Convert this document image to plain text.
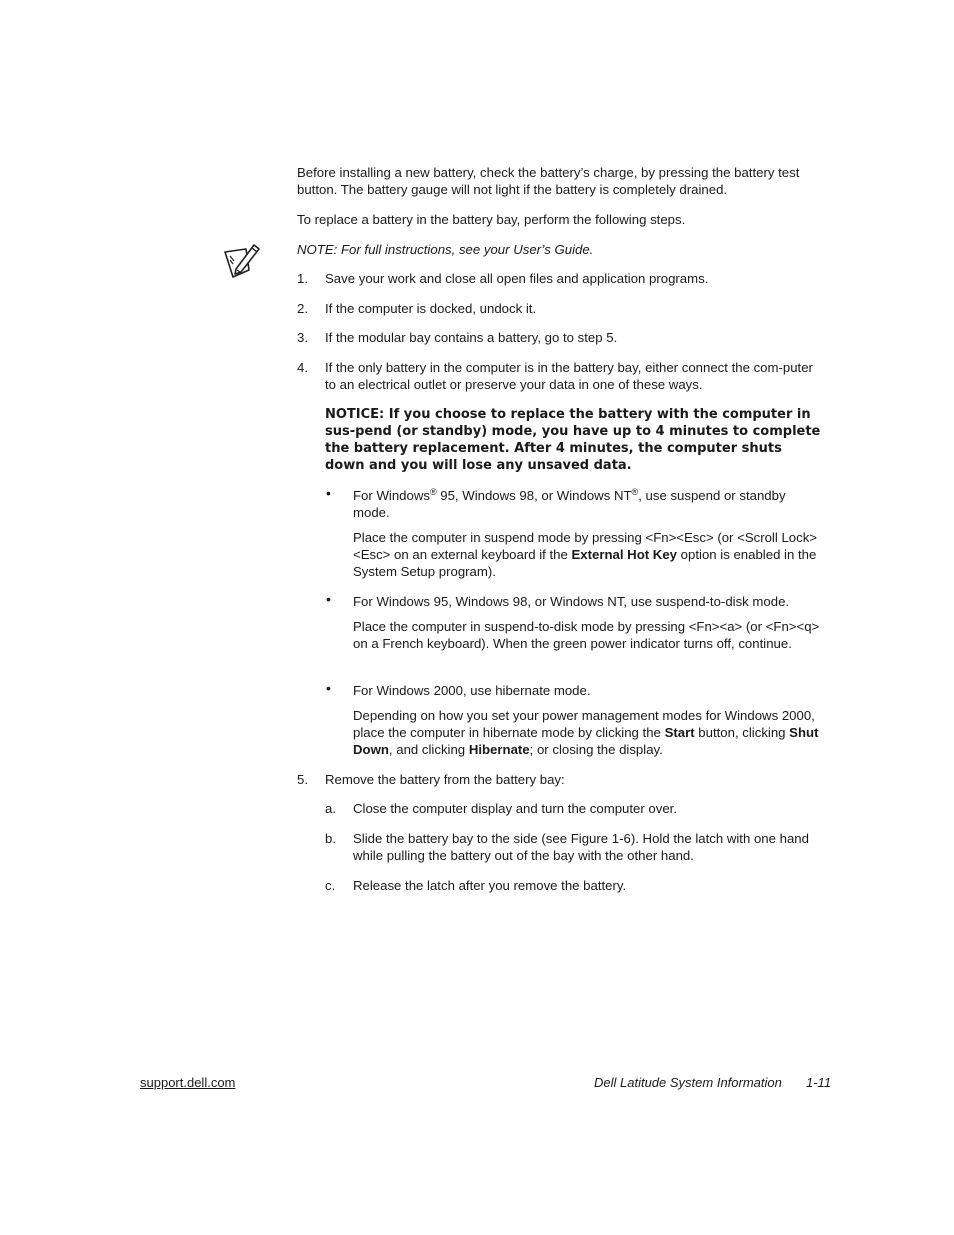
Before installing a new battery, check the battery’s charge, by pressing the battery test button. The battery gauge will not light if the battery is completely drained.

To replace a battery in the battery bay, perform the following steps.

NOTE: For full instructions, see your User’s Guide.

1. Save your work and close all open files and application programs.

2. If the computer is docked, undock it.

3. If the modular bay contains a battery, go to step 5.

4. If the only battery in the computer is in the battery bay, either connect the com-puter to an electrical outlet or preserve your data in one of these ways.

NOTICE: If you choose to replace the battery with the computer in sus-pend (or standby) mode, you have up to 4 minutes to complete the battery replacement. After 4 minutes, the computer shuts down and you will lose any unsaved data.

• For Windows® 95, Windows 98, or Windows NT®, use suspend or standby mode.

Place the computer in suspend mode by pressing <Fn><Esc> (or <Scroll Lock><Esc> on an external keyboard if the External Hot Key option is enabled in the System Setup program).

• For Windows 95, Windows 98, or Windows NT, use suspend-to-disk mode.

Place the computer in suspend-to-disk mode by pressing <Fn><a> (or <Fn><q> on a French keyboard). When the green power indicator turns off, continue.

• For Windows 2000, use hibernate mode.

Depending on how you set your power management modes for Windows 2000, place the computer in hibernate mode by clicking the Start button, clicking Shut Down, and clicking Hibernate; or closing the display.

5. Remove the battery from the battery bay:

a. Close the computer display and turn the computer over.

b. Slide the battery bay to the side (see Figure 1-6). Hold the latch with one hand while pulling the battery out of the bay with the other hand.

c. Release the latch after you remove the battery.

support.dell.com	Dell Latitude System Information 1-11
